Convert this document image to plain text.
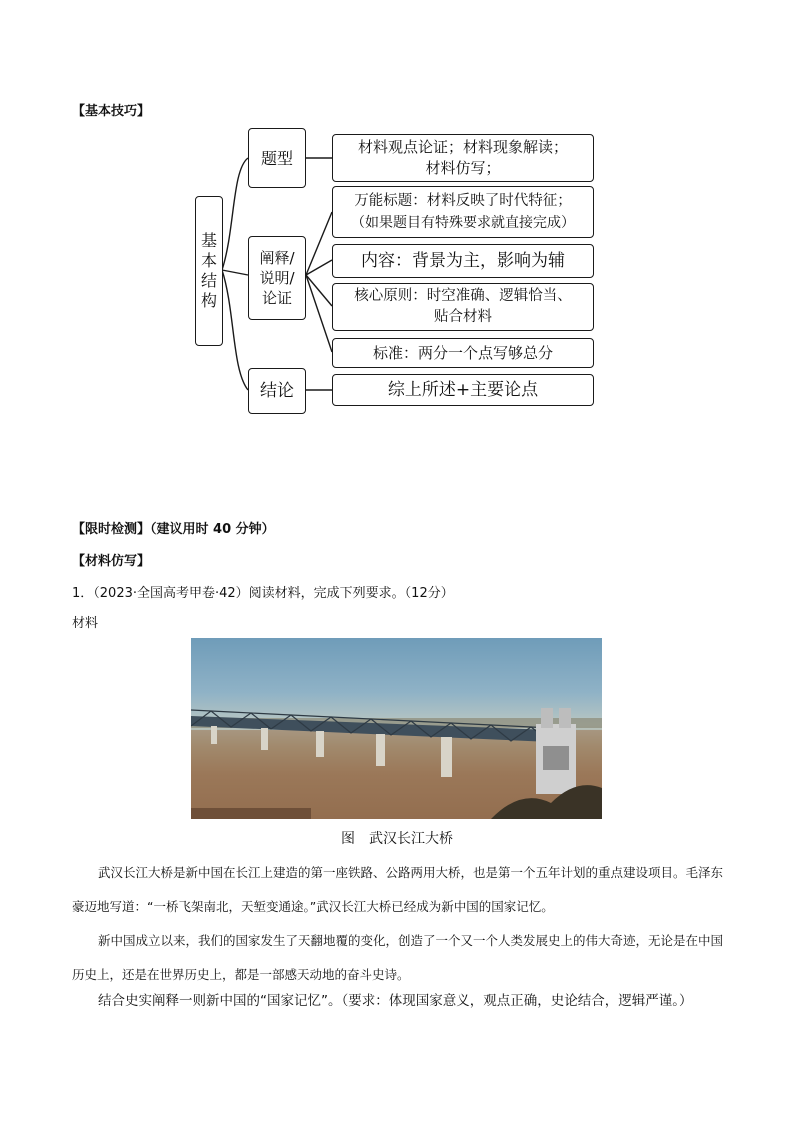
【基本技巧】
基
本
结
构
题型
阐释/
说明/
论证
结论
材料观点论证；材料现象解读；
材料仿写；
万能标题：材料反映了时代特征；
（如果题目有特殊要求就直接完成）
内容：背景为主，影响为辅
核心原则：时空准确、逻辑恰当、
贴合材料
标准：两分一个点写够总分
综上所述+主要论点
【限时检测】（建议用时 40 分钟）
【材料仿写】
1．（2023·全国高考甲卷·42）阅读材料，完成下列要求。（12分）
材料
图　武汉长江大桥
武汉长江大桥是新中国在长江上建造的第一座铁路、公路两用大桥，也是第一个五年计划的重点建设项目。毛泽东豪迈地写道：“一桥飞架南北，天堑变通途。”武汉长江大桥已经成为新中国的国家记忆。
新中国成立以来，我们的国家发生了天翻地覆的变化，创造了一个又一个人类发展史上的伟大奇迹，无论是在中国历史上，还是在世界历史上，都是一部感天动地的奋斗史诗。
结合史实阐释一则新中国的“国家记忆”。（要求：体现国家意义，观点正确，史论结合，逻辑严谨。）
